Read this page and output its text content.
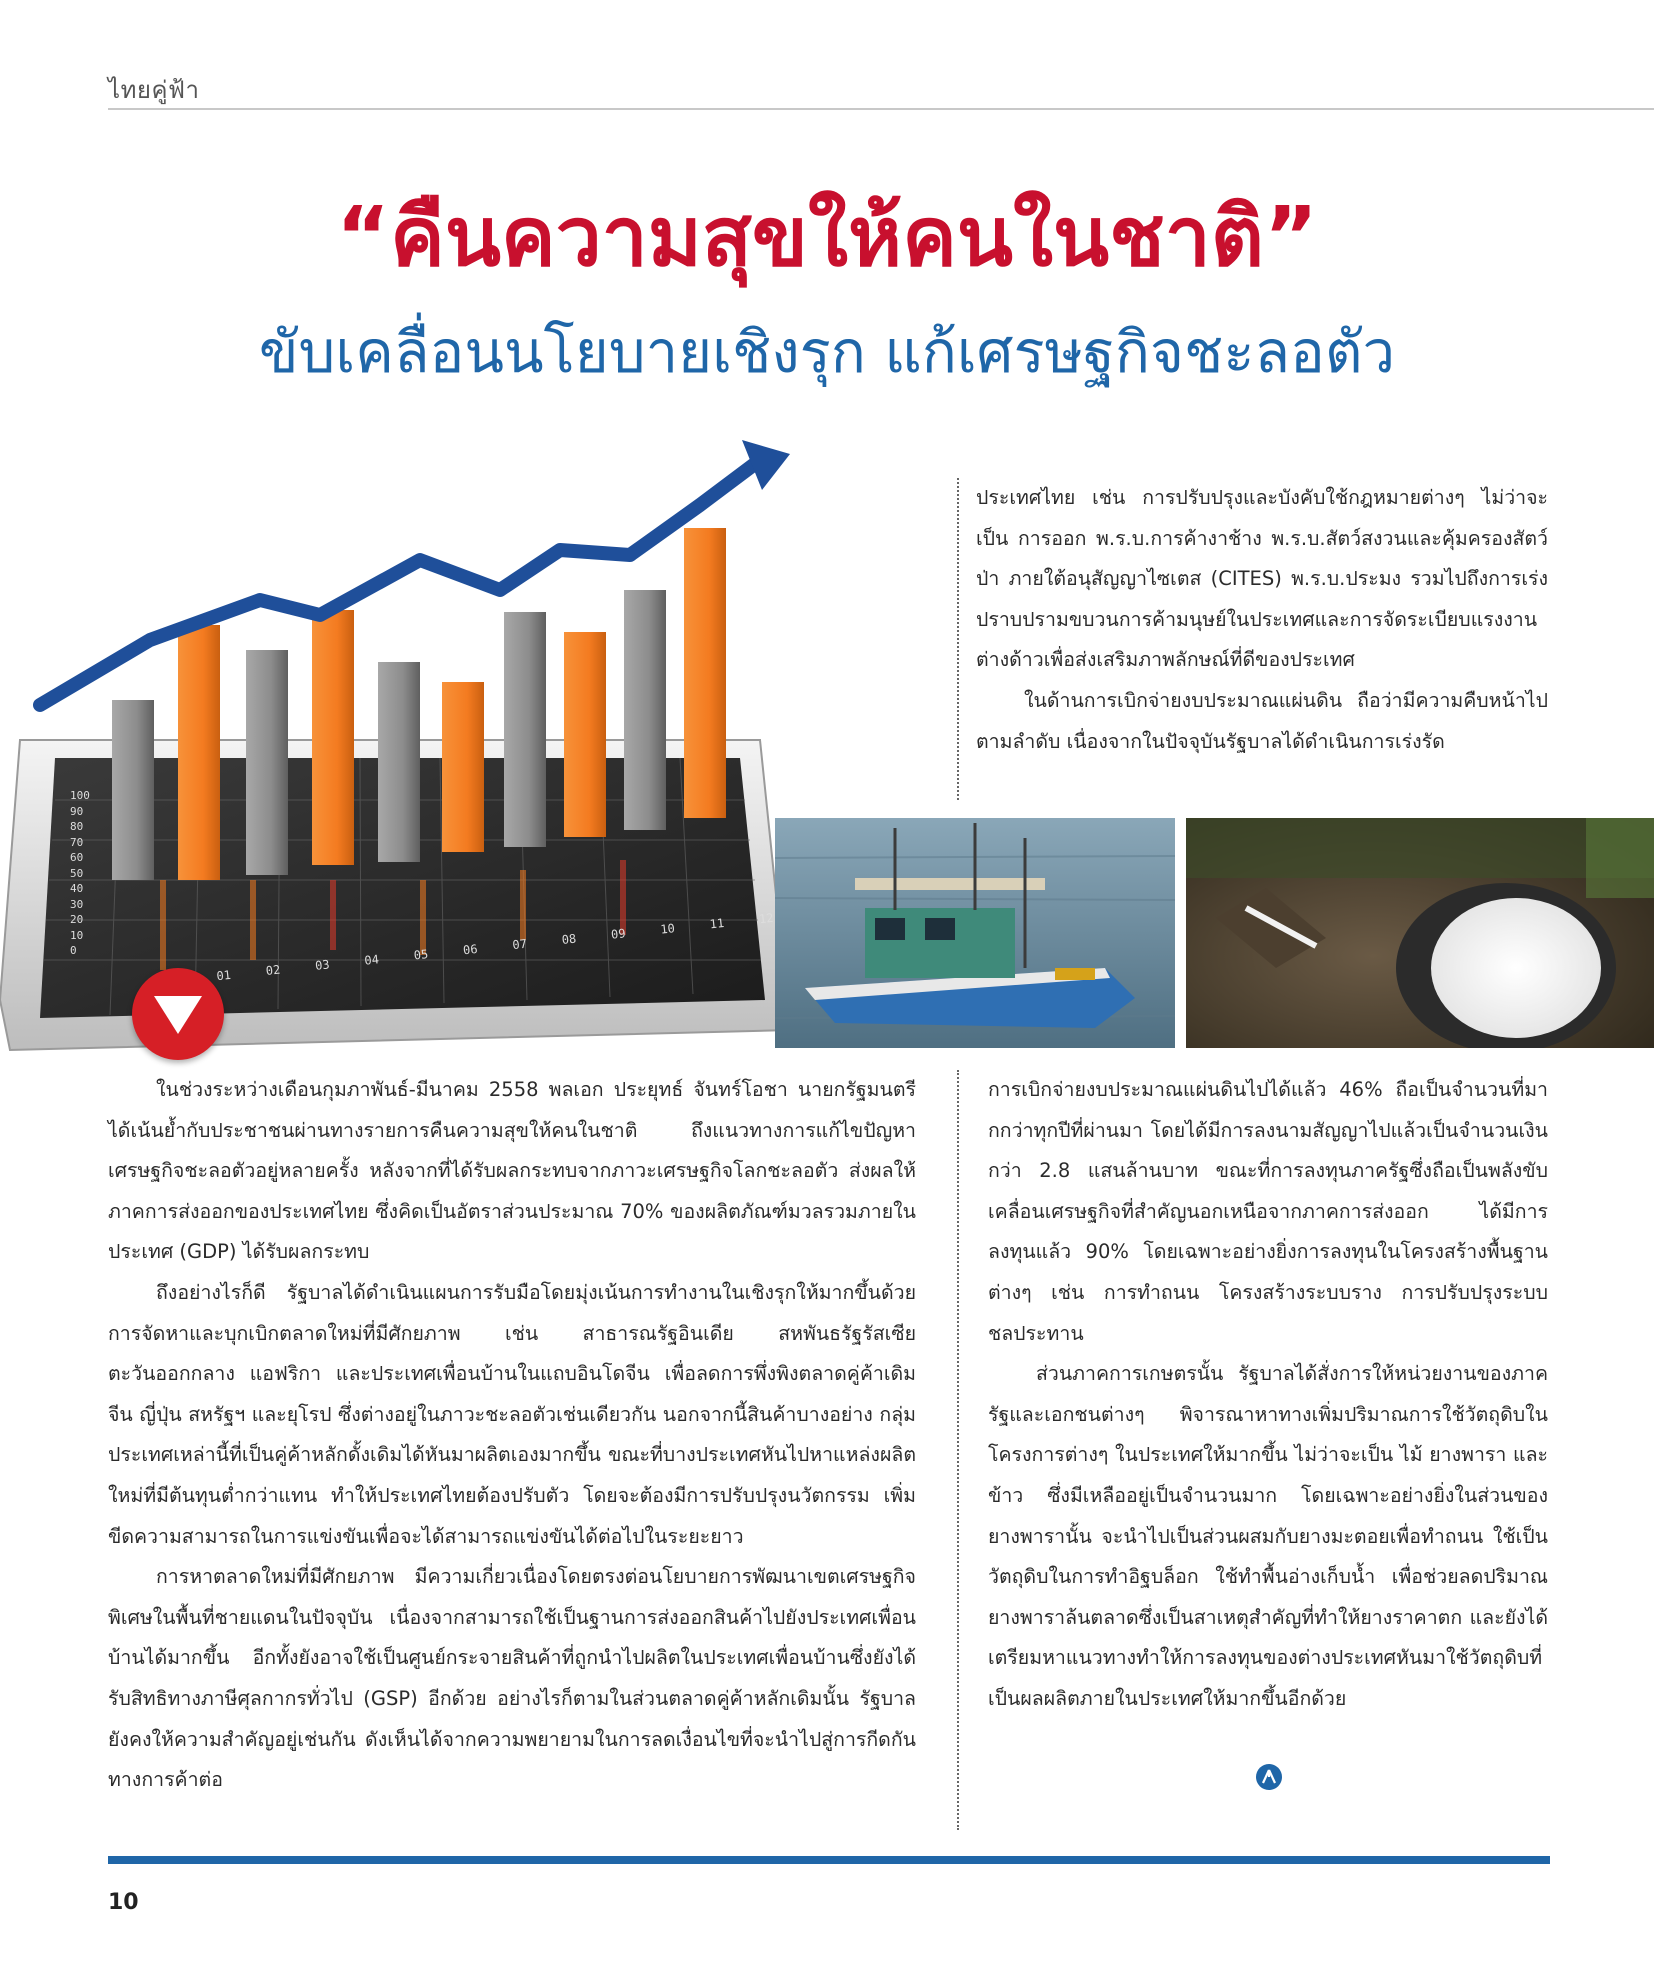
ไทยคู่ฟ้า
“คืนความสุขให้คนในชาติ”
ขับเคลื่อนนโยบายเชิงรุก แก้เศรษฐกิจชะลอตัว
100
90
80
70
60
50
40
30
20
10
0
01	02	03	04	05	06	07	08	09	10	11	12

ประเทศไทย เช่น การปรับปรุงและบังคับใช้กฎหมายต่างๆ ไม่ว่าจะเป็น การออก พ.ร.บ.การค้างาช้าง พ.ร.บ.สัตว์สงวนและคุ้มครองสัตว์ป่า ภายใต้อนุสัญญาไซเตส (CITES) พ.ร.บ.ประมง รวมไปถึงการเร่งปราบปรามขบวนการค้ามนุษย์ในประเทศและการจัดระเบียบแรงงานต่างด้าวเพื่อส่งเสริมภาพลักษณ์ที่ดีของประเทศ

ในด้านการเบิกจ่ายงบประมาณแผ่นดิน ถือว่ามีความคืบหน้าไปตามลำดับ เนื่องจากในปัจจุบันรัฐบาลได้ดำเนินการเร่งรัด

ในช่วงระหว่างเดือนกุมภาพันธ์-มีนาคม 2558 พลเอก ประยุทธ์ จันทร์โอชา นายกรัฐมนตรี ได้เน้นย้ำกับประชาชนผ่านทางรายการคืนความสุขให้คนในชาติ ถึงแนวทางการแก้ไขปัญหาเศรษฐกิจชะลอตัวอยู่หลายครั้ง หลังจากที่ได้รับผลกระทบจากภาวะเศรษฐกิจโลกชะลอตัว ส่งผลให้ภาคการส่งออกของประเทศไทย ซึ่งคิดเป็นอัตราส่วนประมาณ 70% ของผลิตภัณฑ์มวลรวมภายในประเทศ (GDP) ได้รับผลกระทบ

ถึงอย่างไรก็ดี รัฐบาลได้ดำเนินแผนการรับมือโดยมุ่งเน้นการทำงานในเชิงรุกให้มากขึ้นด้วยการจัดหาและบุกเบิกตลาดใหม่ที่มีศักยภาพ เช่น สาธารณรัฐอินเดีย สหพันธรัฐรัสเซีย ตะวันออกกลาง แอฟริกา และประเทศเพื่อนบ้านในแถบอินโดจีน เพื่อลดการพึ่งพิงตลาดคู่ค้าเดิม จีน ญี่ปุ่น สหรัฐฯ และยุโรป ซึ่งต่างอยู่ในภาวะชะลอตัวเช่นเดียวกัน นอกจากนี้สินค้าบางอย่าง กลุ่มประเทศเหล่านี้ที่เป็นคู่ค้าหลักดั้งเดิมได้หันมาผลิตเองมากขึ้น ขณะที่บางประเทศหันไปหาแหล่งผลิตใหม่ที่มีต้นทุนต่ำกว่าแทน ทำให้ประเทศไทยต้องปรับตัว โดยจะต้องมีการปรับปรุงนวัตกรรม เพิ่มขีดความสามารถในการแข่งขันเพื่อจะได้สามารถแข่งขันได้ต่อไปในระยะยาว

การหาตลาดใหม่ที่มีศักยภาพ มีความเกี่ยวเนื่องโดยตรงต่อนโยบายการพัฒนาเขตเศรษฐกิจพิเศษในพื้นที่ชายแดนในปัจจุบัน เนื่องจากสามารถใช้เป็นฐานการส่งออกสินค้าไปยังประเทศเพื่อนบ้านได้มากขึ้น อีกทั้งยังอาจใช้เป็นศูนย์กระจายสินค้าที่ถูกนำไปผลิตในประเทศเพื่อนบ้านซึ่งยังได้รับสิทธิทางภาษีศุลกากรทั่วไป (GSP) อีกด้วย อย่างไรก็ตามในส่วนตลาดคู่ค้าหลักเดิมนั้น รัฐบาลยังคงให้ความสำคัญอยู่เช่นกัน ดังเห็นได้จากความพยายามในการลดเงื่อนไขที่จะนำไปสู่การกีดกันทางการค้าต่อ

การเบิกจ่ายงบประมาณแผ่นดินไปได้แล้ว 46% ถือเป็นจำนวนที่มากกว่าทุกปีที่ผ่านมา โดยได้มีการลงนามสัญญาไปแล้วเป็นจำนวนเงินกว่า 2.8 แสนล้านบาท ขณะที่การลงทุนภาครัฐซึ่งถือเป็นพลังขับเคลื่อนเศรษฐกิจที่สำคัญนอกเหนือจากภาคการส่งออก ได้มีการลงทุนแล้ว 90% โดยเฉพาะอย่างยิ่งการลงทุนในโครงสร้างพื้นฐานต่างๆ เช่น การทำถนน โครงสร้างระบบราง การปรับปรุงระบบชลประทาน

ส่วนภาคการเกษตรนั้น รัฐบาลได้สั่งการให้หน่วยงานของภาครัฐและเอกชนต่างๆ พิจารณาหาทางเพิ่มปริมาณการใช้วัตถุดิบในโครงการต่างๆ ในประเทศให้มากขึ้น ไม่ว่าจะเป็น ไม้ ยางพารา และข้าว ซึ่งมีเหลืออยู่เป็นจำนวนมาก โดยเฉพาะอย่างยิ่งในส่วนของยางพารานั้น จะนำไปเป็นส่วนผสมกับยางมะตอยเพื่อทำถนน ใช้เป็นวัตถุดิบในการทำอิฐบล็อก ใช้ทำพื้นอ่างเก็บน้ำ เพื่อช่วยลดปริมาณยางพาราล้นตลาดซึ่งเป็นสาเหตุสำคัญที่ทำให้ยางราคาตก และยังได้เตรียมหาแนวทางทำให้การลงทุนของต่างประเทศหันมาใช้วัตถุดิบที่เป็นผลผลิตภายในประเทศให้มากขึ้นอีกด้วย

10
